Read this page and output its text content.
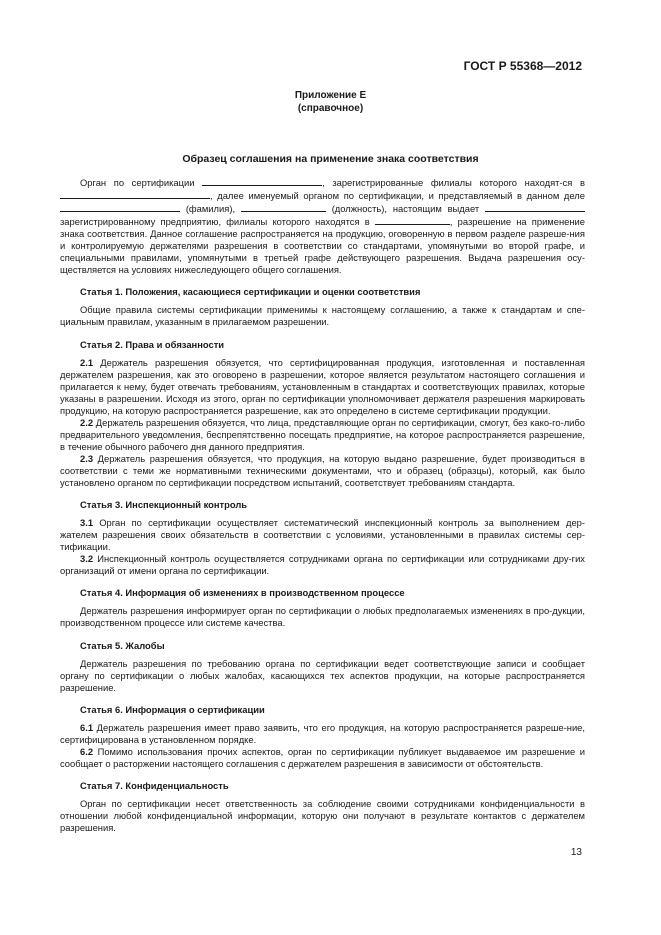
ГОСТ Р 55368—2012
Приложение Е
(справочное)
Образец соглашения на применение знака соответствия

Орган по сертификации	, зарегистрированные филиалы которого находят-ся в , далее именуемый органом по сертификации, и представляемый в данном деле  (фамилия),	(должность), настоящим выдает  зарегистрированному предприятию, филиалы которого находятся в	, разрешение на применение знака соответствия. Данное соглашение распространяется на продукцию, оговоренную в первом разделе разреше-ния и контролируемую держателями разрешения в соответствии со стандартами, упомянутыми во второй графе, и специальными правилами, упомянутыми в третьей графе действующего разрешения. Выдача разрешения осу-ществляется на условиях нижеследующего общего соглашения.

Статья 1. Положения, касающиеся сертификации и оценки соответствия

Общие правила системы сертификации применимы к настоящему соглашению, а также к стандартам и спе-циальным правилам, указанным в прилагаемом разрешении.

Статья 2. Права и обязанности

2.1 Держатель разрешения обязуется, что сертифицированная продукция, изготовленная и поставленная держателем разрешения, как это оговорено в разрешении, которое является результатом настоящего соглашения и прилагается к нему, будет отвечать требованиям, установленным в стандартах и соответствующих правилах, которые указаны в разрешении. Исходя из этого, орган по сертификации уполномочивает держателя разрешения маркировать продукцию, на которую распространяется разрешение, как это определено в системе сертификации продукции.

2.2 Держатель разрешения обязуется, что лица, представляющие орган по сертификации, смогут, без како-го-либо предварительного уведомления, беспрепятственно посещать предприятие, на которое распространяется разрешение, в течение обычного рабочего дня данного предприятия.

2.3 Держатель разрешения обязуется, что продукция, на которую выдано разрешение, будет производиться в соответствии с теми же нормативными техническими документами, что и образец (образцы), который, как было установлено органом по сертификации посредством испытаний, соответствует требованиям стандарта.

Статья 3. Инспекционный контроль

3.1 Орган по сертификации осуществляет систематический инспекционный контроль за выполнением дер-жателем разрешения своих обязательств в соответствии с условиями, установленными в правилах системы сер-тификации.

3.2 Инспекционный контроль осуществляется сотрудниками органа по сертификации или сотрудниками дру-гих организаций от имени органа по сертификации.

Статья 4. Информация об изменениях в производственном процессе

Держатель разрешения информирует орган по сертификации о любых предполагаемых изменениях в про-дукции, производственном процессе или системе качества.

Статья 5. Жалобы

Держатель разрешения по требованию органа по сертификации ведет соответствующие записи и сообщает органу по сертификации о любых жалобах, касающихся тех аспектов продукции, на которые распространяется разрешение.

Статья 6. Информация о сертификации

6.1 Держатель разрешения имеет право заявить, что его продукция, на которую распространяется разреше-ние, сертифицирована в установленном порядке.

6.2 Помимо использования прочих аспектов, орган по сертификации публикует выдаваемое им разрешение и сообщает о расторжении настоящего соглашения с держателем разрешения в зависимости от обстоятельств.

Статья 7. Конфиденциальность

Орган по сертификации несет ответственность за соблюдение своими сотрудниками конфиденциальности в отношении любой конфиденциальной информации, которую они получают в результате контактов с держателем разрешения.

13
